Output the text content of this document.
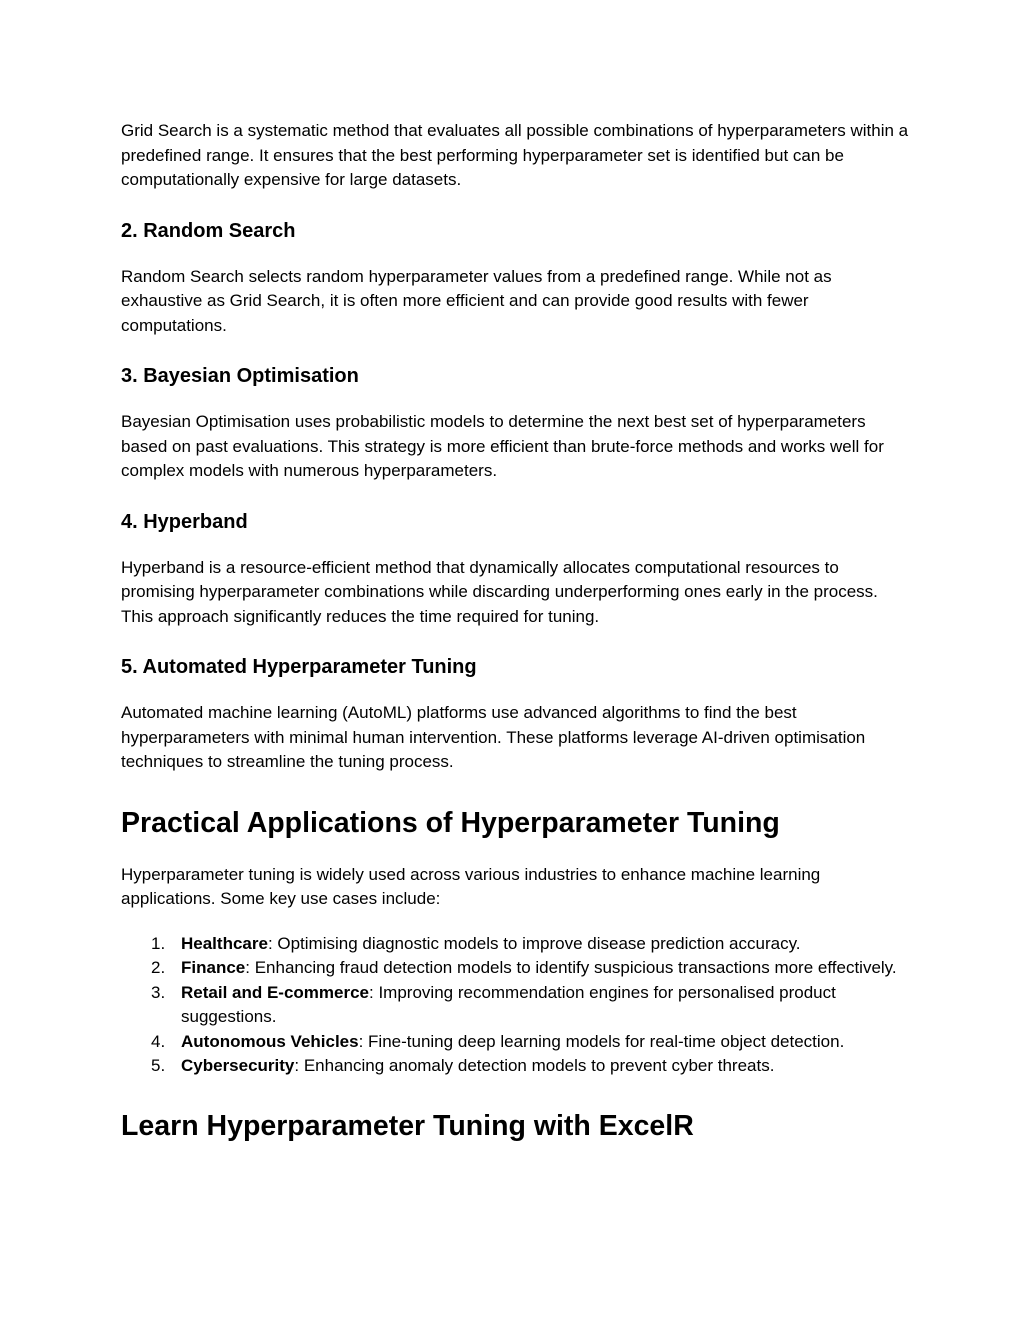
Grid Search is a systematic method that evaluates all possible combinations of hyperparameters within a predefined range. It ensures that the best performing hyperparameter set is identified but can be computationally expensive for large datasets.

2. Random Search

Random Search selects random hyperparameter values from a predefined range. While not as exhaustive as Grid Search, it is often more efficient and can provide good results with fewer computations.

3. Bayesian Optimisation

Bayesian Optimisation uses probabilistic models to determine the next best set of hyperparameters based on past evaluations. This strategy is more efficient than brute-force methods and works well for complex models with numerous hyperparameters.

4. Hyperband

Hyperband is a resource-efficient method that dynamically allocates computational resources to promising hyperparameter combinations while discarding underperforming ones early in the process. This approach significantly reduces the time required for tuning.

5. Automated Hyperparameter Tuning

Automated machine learning (AutoML) platforms use advanced algorithms to find the best hyperparameters with minimal human intervention. These platforms leverage AI-driven optimisation techniques to streamline the tuning process.

Practical Applications of Hyperparameter Tuning

Hyperparameter tuning is widely used across various industries to enhance machine learning applications. Some key use cases include:

1. Healthcare: Optimising diagnostic models to improve disease prediction accuracy.
2. Finance: Enhancing fraud detection models to identify suspicious transactions more effectively.
3. Retail and E-commerce: Improving recommendation engines for personalised product suggestions.
4. Autonomous Vehicles: Fine-tuning deep learning models for real-time object detection.
5. Cybersecurity: Enhancing anomaly detection models to prevent cyber threats.
Learn Hyperparameter Tuning with ExcelR
